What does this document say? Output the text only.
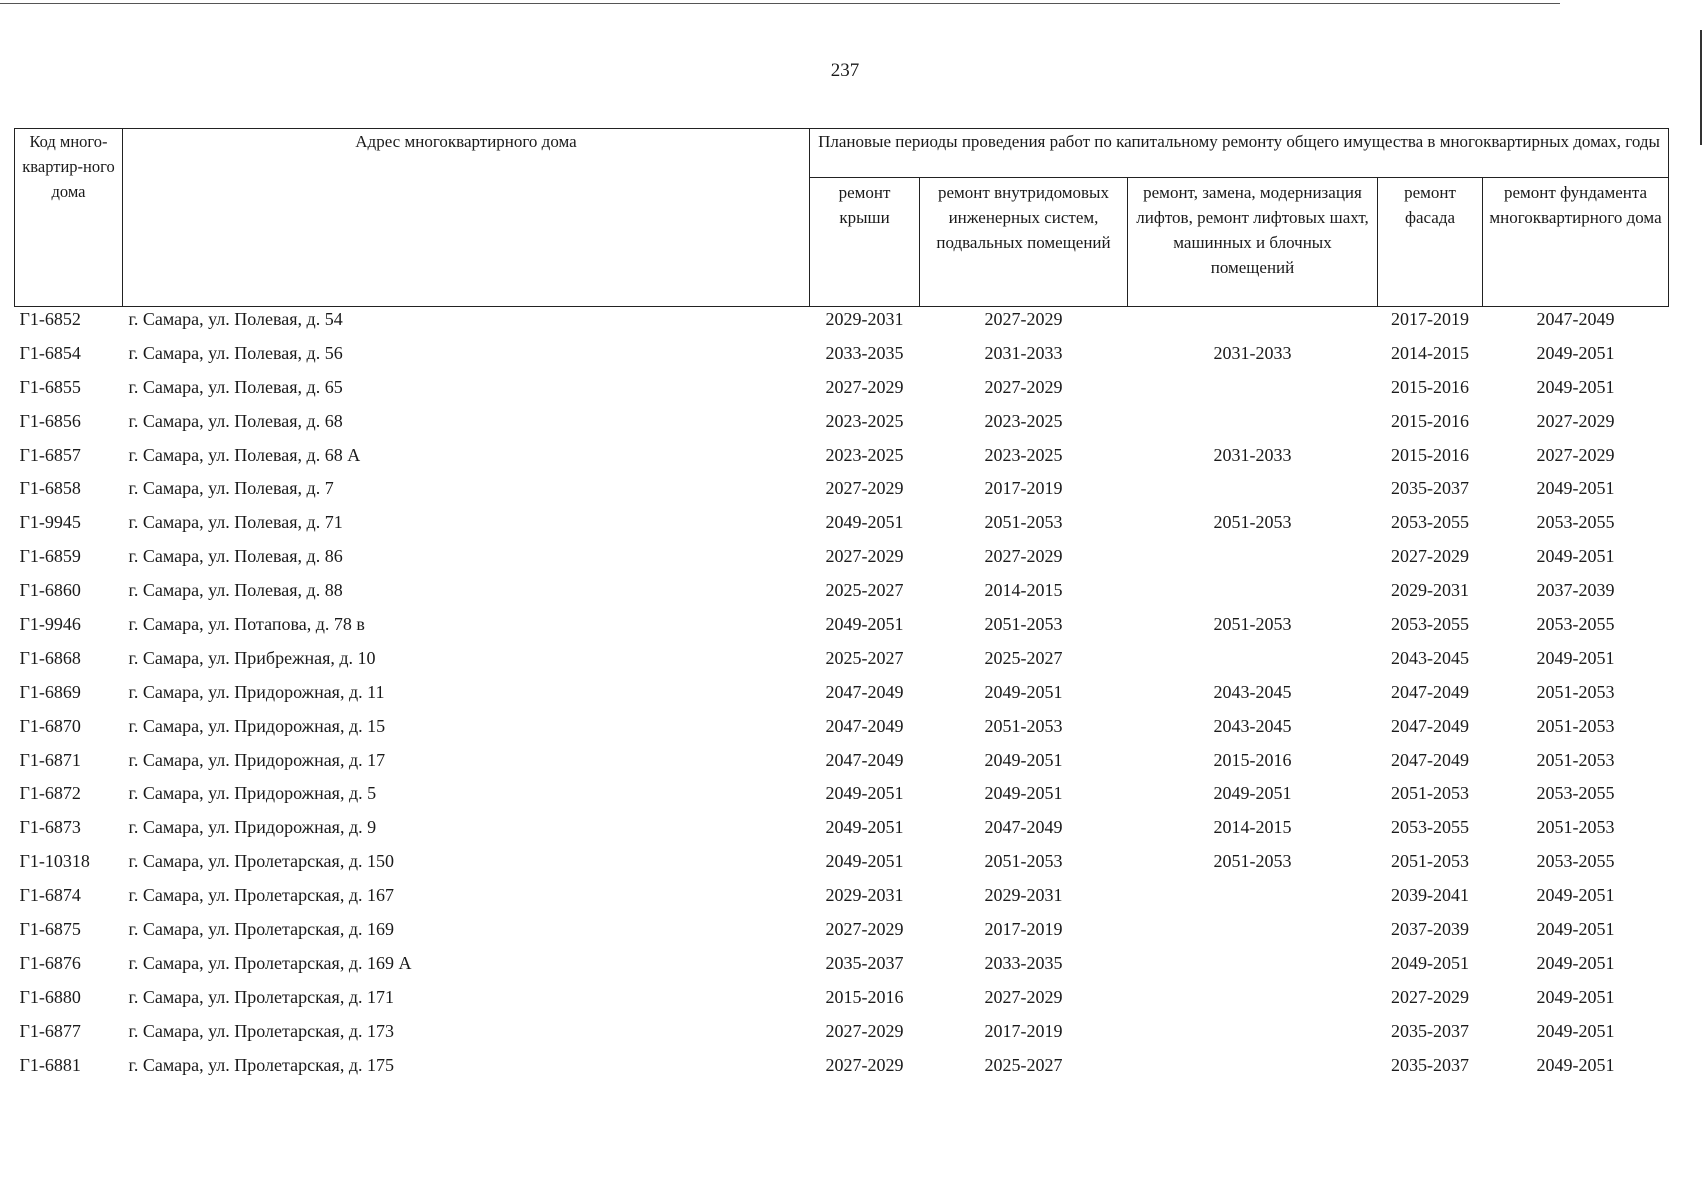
237
Код много-квартир-ного дома	Адрес многоквартирного дома	Плановые периоды проведения работ по капитальному ремонту общего имущества в многоквартирных домах, годы				
		ремонт крыши	ремонт внутридомовых инженерных систем, подвальных помещений	ремонт, замена, модернизация лифтов, ремонт лифтовых шахт, машинных и блочных помещений	ремонт фасада	ремонт фундамента многоквартирного дома
Г1-6852	г. Самара, ул. Полевая, д. 54	2029-2031	2027-2029		2017-2019	2047-2049
Г1-6854	г. Самара, ул. Полевая, д. 56	2033-2035	2031-2033	2031-2033	2014-2015	2049-2051
Г1-6855	г. Самара, ул. Полевая, д. 65	2027-2029	2027-2029		2015-2016	2049-2051
Г1-6856	г. Самара, ул. Полевая, д. 68	2023-2025	2023-2025		2015-2016	2027-2029
Г1-6857	г. Самара, ул. Полевая, д. 68 А	2023-2025	2023-2025	2031-2033	2015-2016	2027-2029
Г1-6858	г. Самара, ул. Полевая, д. 7	2027-2029	2017-2019		2035-2037	2049-2051
Г1-9945	г. Самара, ул. Полевая, д. 71	2049-2051	2051-2053	2051-2053	2053-2055	2053-2055
Г1-6859	г. Самара, ул. Полевая, д. 86	2027-2029	2027-2029		2027-2029	2049-2051
Г1-6860	г. Самара, ул. Полевая, д. 88	2025-2027	2014-2015		2029-2031	2037-2039
Г1-9946	г. Самара, ул. Потапова, д. 78 в	2049-2051	2051-2053	2051-2053	2053-2055	2053-2055
Г1-6868	г. Самара, ул. Прибрежная, д. 10	2025-2027	2025-2027		2043-2045	2049-2051
Г1-6869	г. Самара, ул. Придорожная, д. 11	2047-2049	2049-2051	2043-2045	2047-2049	2051-2053
Г1-6870	г. Самара, ул. Придорожная, д. 15	2047-2049	2051-2053	2043-2045	2047-2049	2051-2053
Г1-6871	г. Самара, ул. Придорожная, д. 17	2047-2049	2049-2051	2015-2016	2047-2049	2051-2053
Г1-6872	г. Самара, ул. Придорожная, д. 5	2049-2051	2049-2051	2049-2051	2051-2053	2053-2055
Г1-6873	г. Самара, ул. Придорожная, д. 9	2049-2051	2047-2049	2014-2015	2053-2055	2051-2053
Г1-10318	г. Самара, ул. Пролетарская, д. 150	2049-2051	2051-2053	2051-2053	2051-2053	2053-2055
Г1-6874	г. Самара, ул. Пролетарская, д. 167	2029-2031	2029-2031		2039-2041	2049-2051
Г1-6875	г. Самара, ул. Пролетарская, д. 169	2027-2029	2017-2019		2037-2039	2049-2051
Г1-6876	г. Самара, ул. Пролетарская, д. 169 А	2035-2037	2033-2035		2049-2051	2049-2051
Г1-6880	г. Самара, ул. Пролетарская, д. 171	2015-2016	2027-2029		2027-2029	2049-2051
Г1-6877	г. Самара, ул. Пролетарская, д. 173	2027-2029	2017-2019		2035-2037	2049-2051
Г1-6881	г. Самара, ул. Пролетарская, д. 175	2027-2029	2025-2027		2035-2037	2049-2051
